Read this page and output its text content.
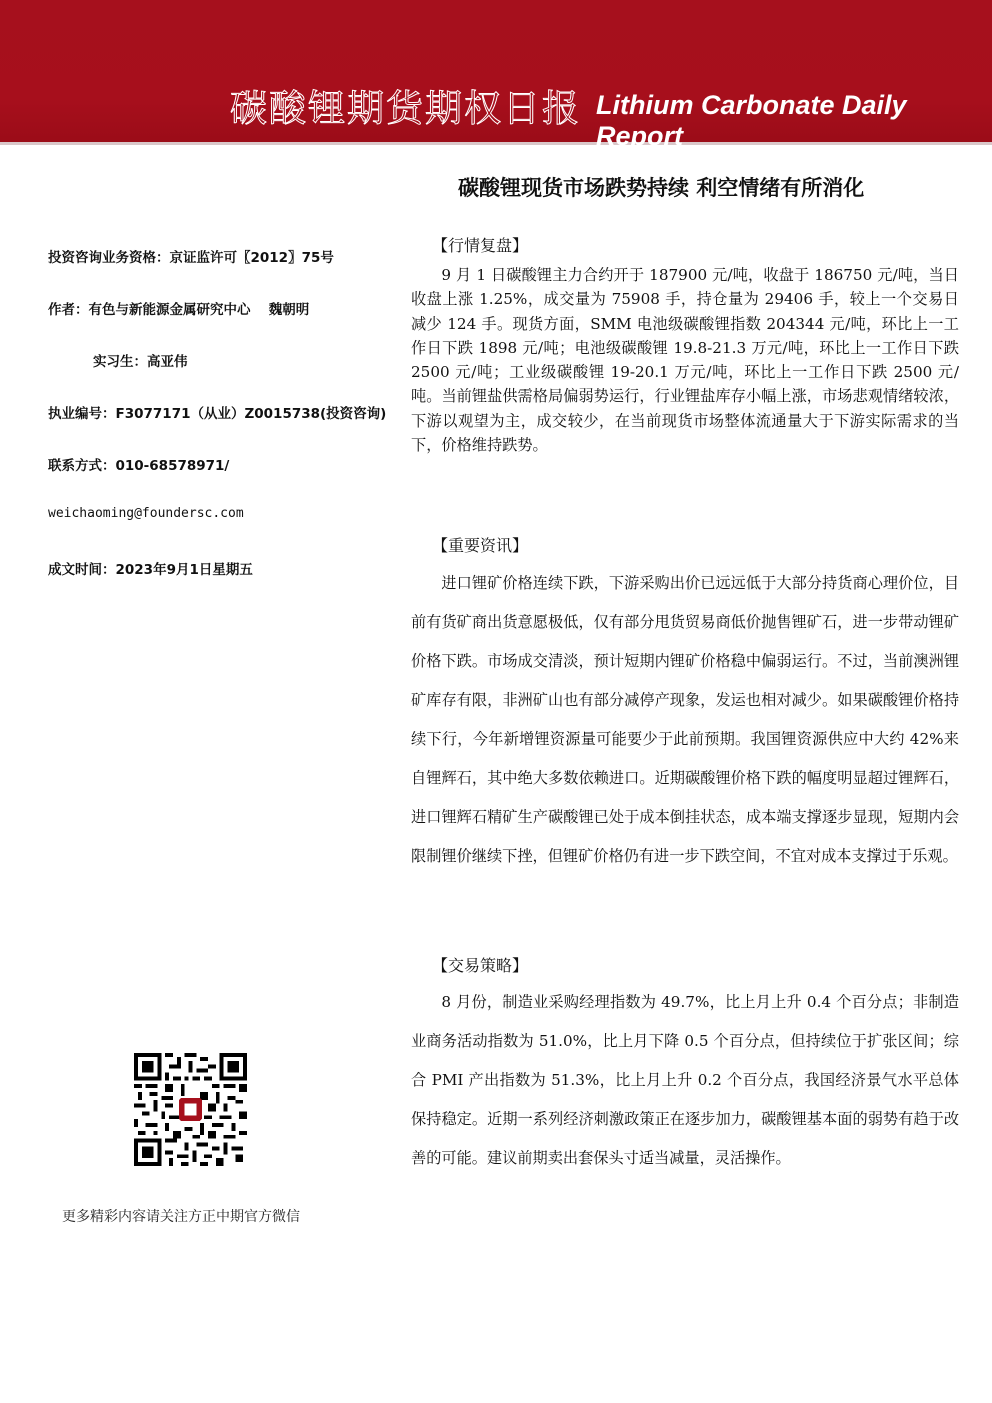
碳酸锂期货期权日报 Lithium Carbonate Daily Report
碳酸锂现货市场跌势持续 利空情绪有所消化
投资咨询业务资格：京证监许可〖2012〗75号
作者：有色与新能源金属研究中心　 魏朝明
实习生：高亚伟
执业编号：F3077171（从业）Z0015738(投资咨询)
联系方式：010-68578971/
weichaoming@foundersc.com
成文时间：2023年9月1日星期五
更多精彩内容请关注方正中期官方微信
【行情复盘】
9 月 1 日碳酸锂主力合约开于 187900 元/吨，收盘于 186750 元/吨，当日收盘上涨 1.25%，成交量为 75908 手，持仓量为 29406 手，较上一个交易日减少 124 手。现货方面，SMM 电池级碳酸锂指数 204344 元/吨，环比上一工作日下跌 1898 元/吨；电池级碳酸锂 19.8-21.3 万元/吨，环比上一工作日下跌 2500 元/吨；工业级碳酸锂 19-20.1 万元/吨，环比上一工作日下跌 2500 元/吨。当前锂盐供需格局偏弱势运行，行业锂盐库存小幅上涨，市场悲观情绪较浓，下游以观望为主，成交较少，在当前现货市场整体流通量大于下游实际需求的当下，价格维持跌势。
【重要资讯】
进口锂矿价格连续下跌，下游采购出价已远远低于大部分持货商心理价位，目前有货矿商出货意愿极低，仅有部分甩货贸易商低价抛售锂矿石，进一步带动锂矿价格下跌。市场成交清淡，预计短期内锂矿价格稳中偏弱运行。不过，当前澳洲锂矿库存有限，非洲矿山也有部分减停产现象，发运也相对减少。如果碳酸锂价格持续下行，今年新增锂资源量可能要少于此前预期。我国锂资源供应中大约 42%来自锂辉石，其中绝大多数依赖进口。近期碳酸锂价格下跌的幅度明显超过锂辉石，进口锂辉石精矿生产碳酸锂已处于成本倒挂状态，成本端支撑逐步显现，短期内会限制锂价继续下挫，但锂矿价格仍有进一步下跌空间，不宜对成本支撑过于乐观。
【交易策略】
8 月份，制造业采购经理指数为 49.7%，比上月上升 0.4 个百分点；非制造业商务活动指数为 51.0%，比上月下降 0.5 个百分点，但持续位于扩张区间；综合 PMI 产出指数为 51.3%，比上月上升 0.2 个百分点，我国经济景气水平总体保持稳定。近期一系列经济刺激政策正在逐步加力，碳酸锂基本面的弱势有趋于改善的可能。建议前期卖出套保头寸适当减量，灵活操作。
